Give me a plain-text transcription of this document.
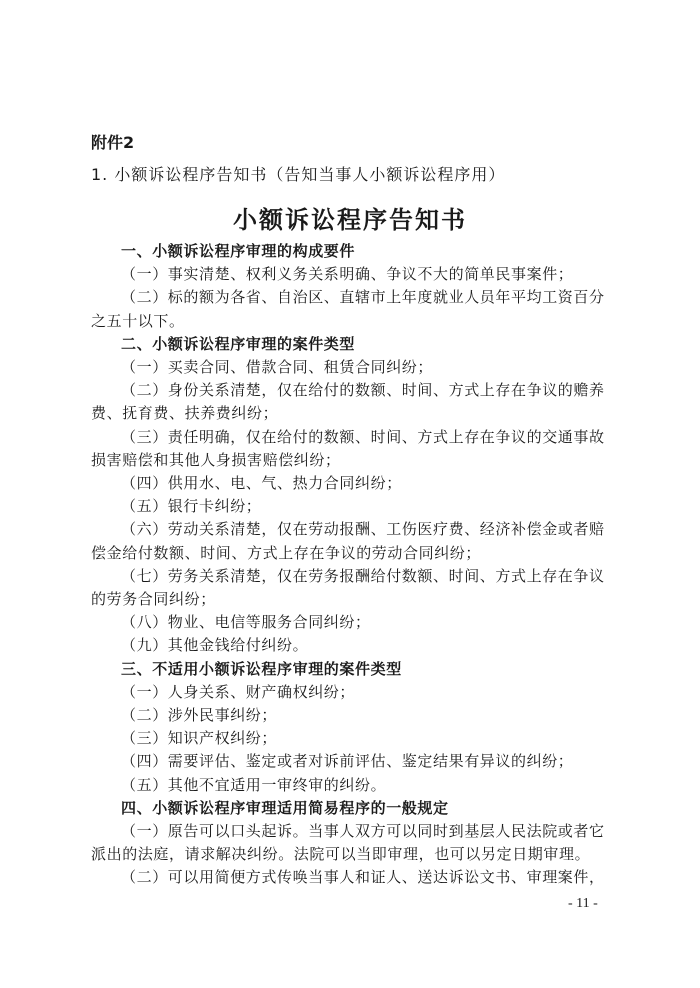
附件2
1. 小额诉讼程序告知书（告知当事人小额诉讼程序用）
小额诉讼程序告知书

一、小额诉讼程序审理的构成要件

（一）事实清楚、权利义务关系明确、争议不大的简单民事案件；

（二）标的额为各省、自治区、直辖市上年度就业人员年平均工资百分之五十以下。

二、小额诉讼程序审理的案件类型

（一）买卖合同、借款合同、租赁合同纠纷；

（二）身份关系清楚，仅在给付的数额、时间、方式上存在争议的赡养费、抚育费、扶养费纠纷；

（三）责任明确，仅在给付的数额、时间、方式上存在争议的交通事故损害赔偿和其他人身损害赔偿纠纷；

（四）供用水、电、气、热力合同纠纷；

（五）银行卡纠纷；

（六）劳动关系清楚，仅在劳动报酬、工伤医疗费、经济补偿金或者赔偿金给付数额、时间、方式上存在争议的劳动合同纠纷；

（七）劳务关系清楚，仅在劳务报酬给付数额、时间、方式上存在争议的劳务合同纠纷；

（八）物业、电信等服务合同纠纷；

（九）其他金钱给付纠纷。

三、不适用小额诉讼程序审理的案件类型

（一）人身关系、财产确权纠纷；

（二）涉外民事纠纷；

（三）知识产权纠纷；

（四）需要评估、鉴定或者对诉前评估、鉴定结果有异议的纠纷；

（五）其他不宜适用一审终审的纠纷。

四、小额诉讼程序审理适用简易程序的一般规定

（一）原告可以口头起诉。当事人双方可以同时到基层人民法院或者它派出的法庭，请求解决纠纷。法院可以当即审理，也可以另定日期审理。

（二）可以用简便方式传唤当事人和证人、送达诉讼文书、审理案件，

- 11 -
